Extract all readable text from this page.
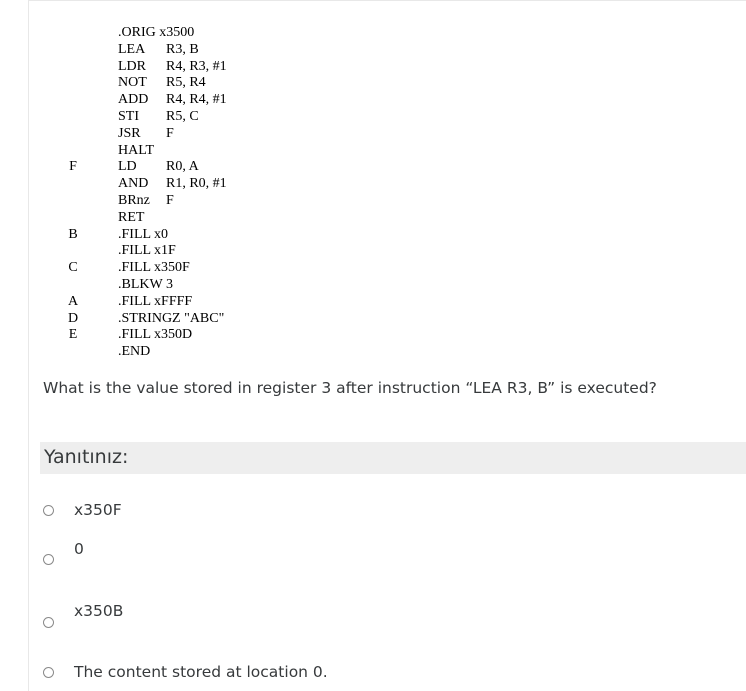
.ORIG x3500
LEA R3, B
LDR R4, R3, #1
NOT R5, R4
ADD R4, R4, #1
STI R5, C
JSR F
HALT
F	LD R0, A
AND R1, R0, #1
BRnz F
RET
B	.FILL x0
.FILL x1F
C	.FILL x350F
.BLKW 3
A	.FILL xFFFF
D	.STRINGZ "ABC"
E	.FILL x350D
.END
What is the value stored in register 3 after instruction “LEA R3, B” is executed?
Yanıtınız:
x350F
0
x350B
The content stored at location 0.
